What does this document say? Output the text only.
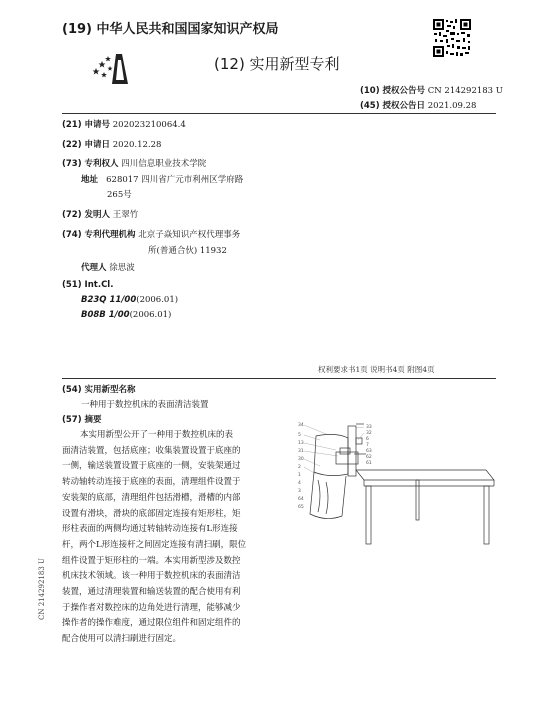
(19) 中华人民共和国国家知识产权局
(12) 实用新型专利
(10) 授权公告号 CN 214292183 U
(45) 授权公告日 2021.09.28
(21) 申请号 202023210064.4
(22) 申请日 2020.12.28
(73) 专利权人 四川信息职业技术学院
地址 628017 四川省广元市利州区学府路
265号
(72) 发明人 王翠竹
(74) 专利代理机构 北京子焱知识产权代理事务
所(普通合伙) 11932
代理人 徐思波
(51) Int.Cl.
B23Q 11/00(2006.01)
B08B 1/00(2006.01)
权利要求书1页 说明书4页 附图4页
(54) 实用新型名称
一种用于数控机床的表面清洁装置
(57) 摘要
本实用新型公开了一种用于数控机床的表
面清洁装置，包括底座；收集装置设置于底座的
一侧，输送装置设置于底座的一侧，安装架通过
转动轴转动连接于底座的表面，清理组件设置于
安装架的底部，清理组件包括滑槽，滑槽的内部
设置有滑块，滑块的底部固定连接有矩形柱，矩
形柱表面的两侧均通过转轴转动连接有L形连接
杆，两个L形连接杆之间固定连接有清扫刷，限位
组件设置于矩形柱的一端。本实用新型涉及数控
机床技术领域。该一种用于数控机床的表面清洁
装置，通过清理装置和输送装置的配合使用有利
于操作者对数控床的边角处进行清理，能够减少
操作者的操作难度，通过限位组件和固定组件的
配合使用可以清扫刷进行固定。
34
5
13
31
30
2
1
4
3
33
32
6
7
63
62
61
64
65
CN 214292183 U
